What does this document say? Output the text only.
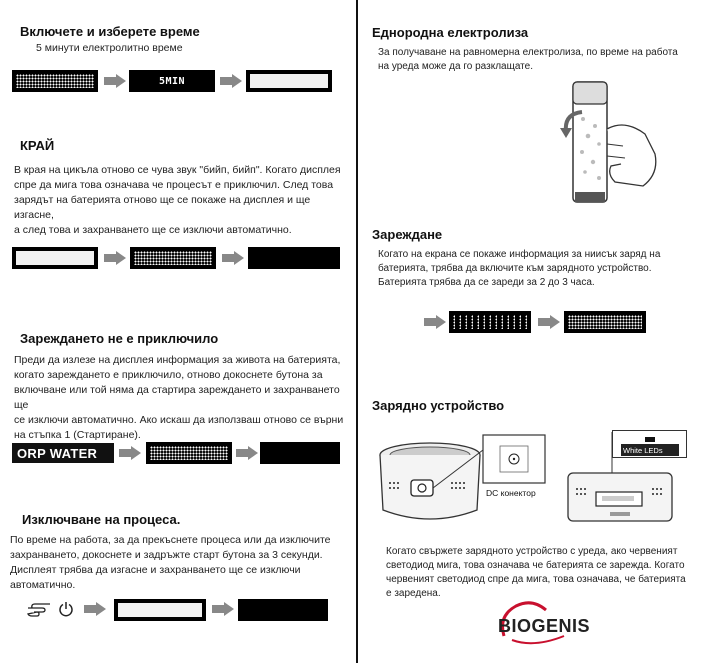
Включете и изберете време
5 минути електролитно време
5MIN
КРАЙ
В края на цикъла отново се чува звук "бийп, бийп". Когато дисплея
спре да мига това означава че процесът е приключил. След това
зарядът на батерията отново ще се покаже на дисплея и ще изгасне,
а след това и захранването ще се изключи автоматично.
Зареждането не е приключило
Преди да излезе на дисплея информация за живота на батерията,
когато зареждането е приключило, отново докоснете бутона за
включване или той няма да стартира зареждането и захранването ще
се изключи автоматично. Ако искаш да използваш отново се върни
на стъпка 1 (Стартиране).
ORP WATER
Изключване на процеса.
По време на работа, за да прекъснете процеса или да изключите
захранването, докоснете и задръжте старт бутона за 3 секунди.
Дисплеят трябва да изгасне и захранването ще се изключи
автоматично.
Еднородна електролиза
За получаване на равномерна електролиза, по време на работа
на уреда можe да го разклащате.
Зареждане
Когато на екрана се покаже информация за ниисък заряд на
батерията, трябва да включите към зарядното устройство.
Батерията трябва да се зареди за 2 до 3 часа.
Зарядно устройство
DC конектор
White LEDs
Когато свържете зарядното устройство с уреда, ако червеният
светодиод мига, това означава че батерията се зарежда. Когато
червеният светодиод спре да мига, това означава, че батерията
е заредена.
BIOGENIS
